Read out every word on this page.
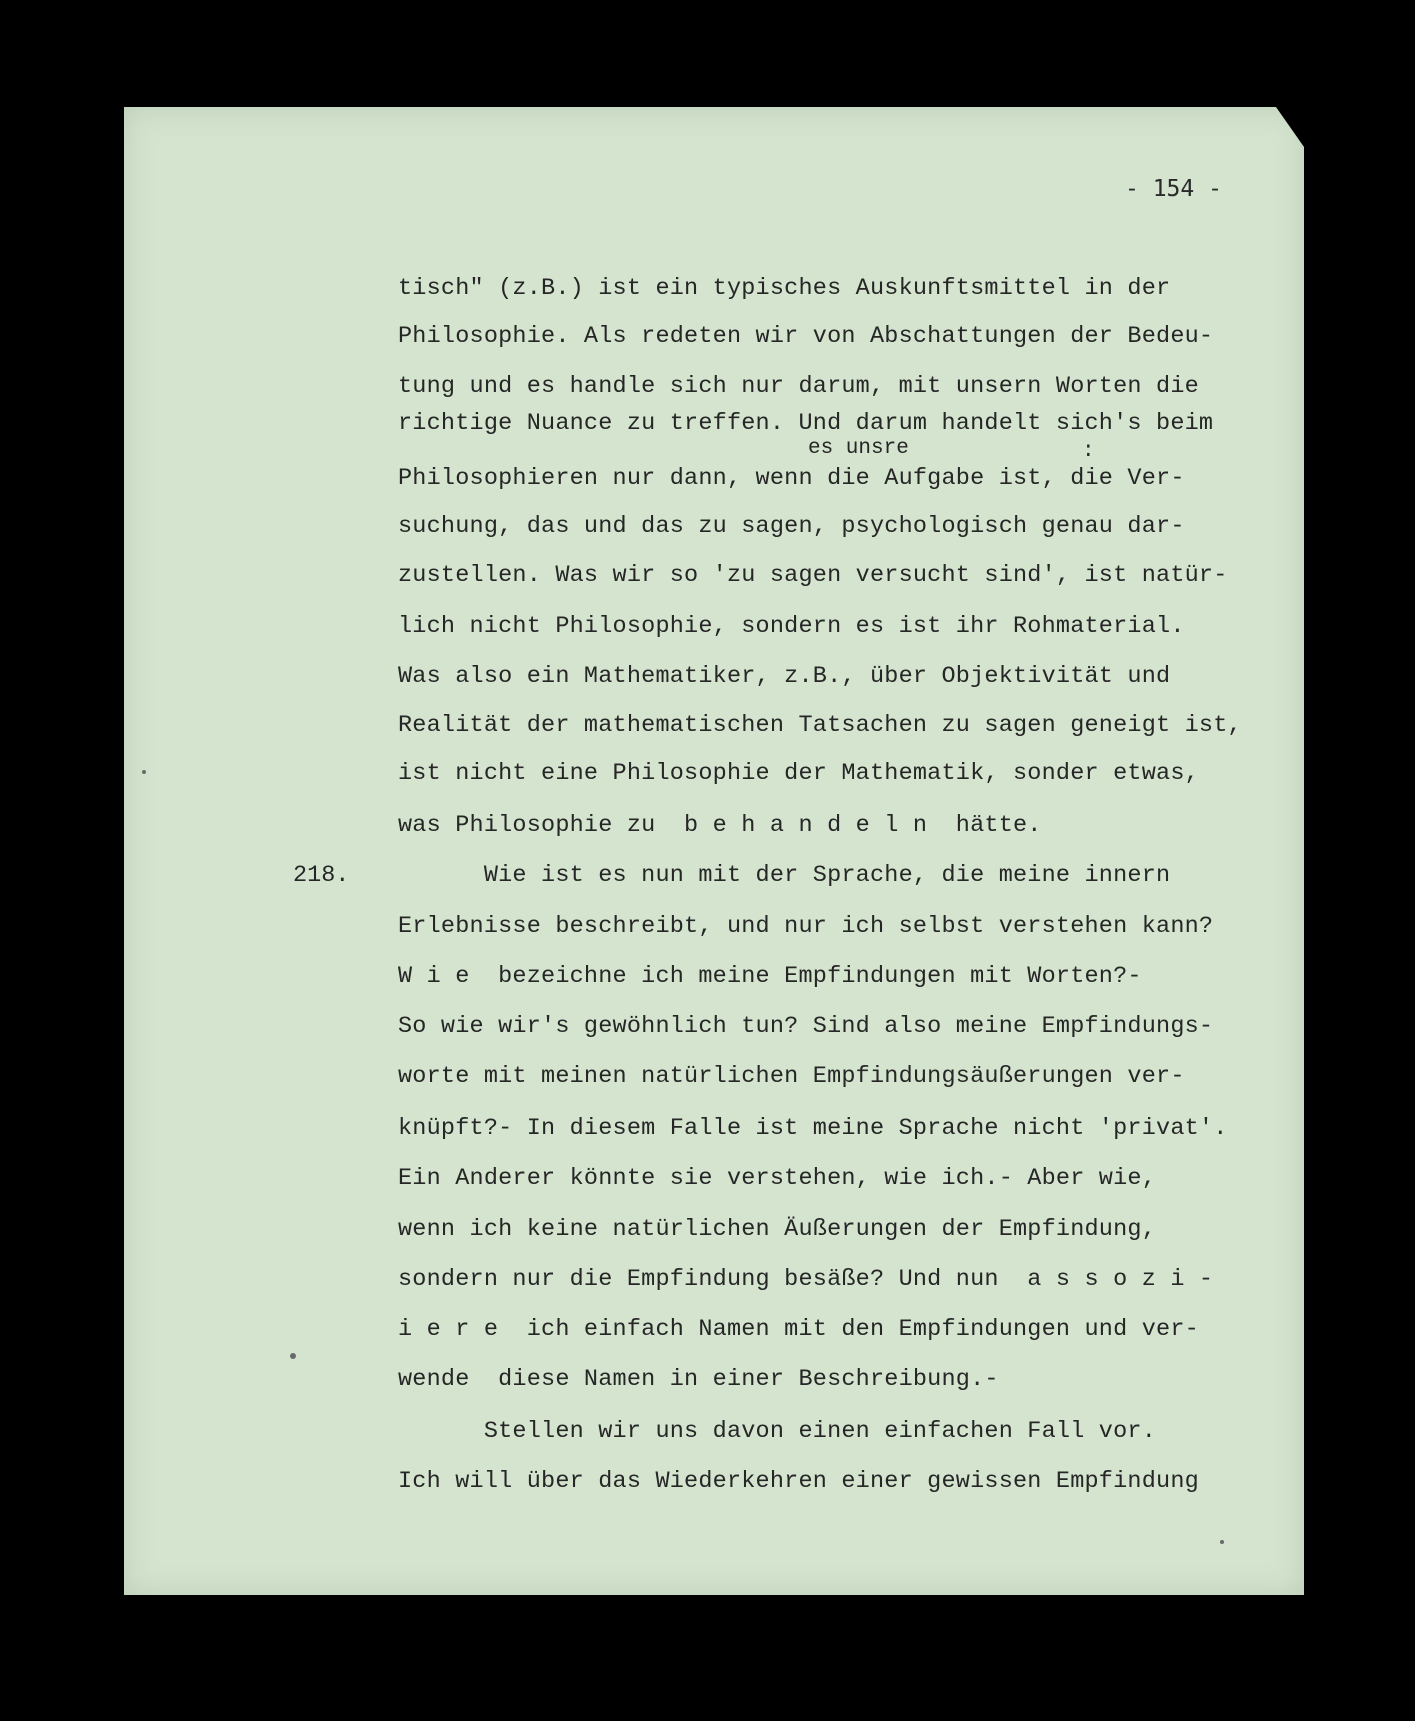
- 154 -
es unsre	:
218.
tisch" (z.B.) ist ein typisches Auskunftsmittel in der
Philosophie. Als redeten wir von Abschattungen der Bedeu-
tung und es handle sich nur darum, mit unsern Worten die
richtige Nuance zu treffen. Und darum handelt sich's beim
Philosophieren nur dann, wenn die Aufgabe ist, die Ver-
suchung, das und das zu sagen, psychologisch genau dar-
zustellen. Was wir so 'zu sagen versucht sind', ist natür-
lich nicht Philosophie, sondern es ist ihr Rohmaterial.
Was also ein Mathematiker, z.B., über Objektivität und
Realität der mathematischen Tatsachen zu sagen geneigt ist,
ist nicht eine Philosophie der Mathematik, sonder etwas,
was Philosophie zu  b e h a n d e l n  hätte.
Wie ist es nun mit der Sprache, die meine innern
Erlebnisse beschreibt, und nur ich selbst verstehen kann?
W i e  bezeichne ich meine Empfindungen mit Worten?-
So wie wir's gewöhnlich tun? Sind also meine Empfindungs-
worte mit meinen natürlichen Empfindungsäußerungen ver-
knüpft?- In diesem Falle ist meine Sprache nicht 'privat'.
Ein Anderer könnte sie verstehen, wie ich.- Aber wie,
wenn ich keine natürlichen Äußerungen der Empfindung,
sondern nur die Empfindung besäße? Und nun  a s s o z i -
i e r e  ich einfach Namen mit den Empfindungen und ver-
wende  diese Namen in einer Beschreibung.-
Stellen wir uns davon einen einfachen Fall vor.
Ich will über das Wiederkehren einer gewissen Empfindung
